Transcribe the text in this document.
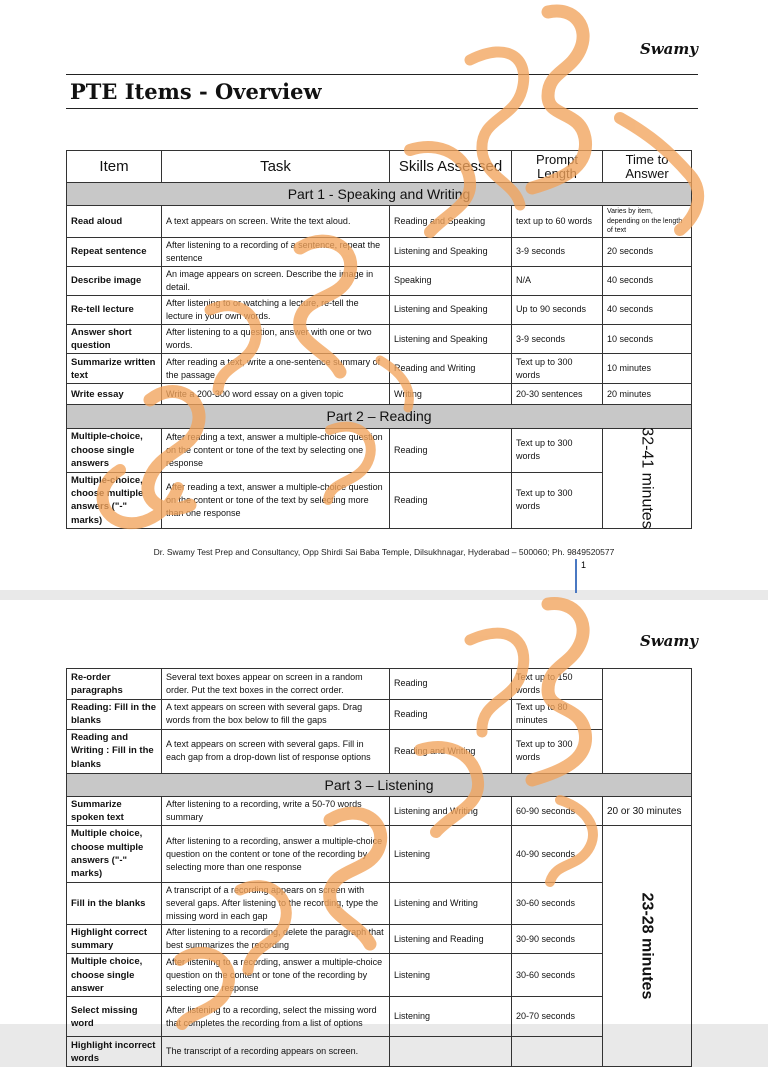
Swamy
PTE Items - Overview
Item	Task	Skills Assessed	Prompt Length	Time to Answer
Part 1 - Speaking and Writing				
Read aloud	A text appears on screen. Write the text aloud.	Reading and Speaking	text up to 60 words	Varies by item, depending on the length of text
Repeat sentence	After listening to a recording of a sentence, repeat the sentence	Listening and Speaking	3-9 seconds	20 seconds
Describe image	An image appears on screen. Describe the image in detail.	Speaking	N/A	40 seconds
Re-tell lecture	After listening to or watching a lecture, re-tell the lecture in your own words.	Listening and Speaking	Up to 90 seconds	40 seconds
Answer short question	After listening to a question, answer with one or two words.	Listening and Speaking	3-9 seconds	10 seconds
Summarize written text	After reading a text, write a one-sentence summary of the passage	Reading and Writing	Text up to 300 words	10 minutes
Write essay	Write a 200-300 word essay on a given topic	Writing	20-30 sentences	20 minutes
Part 2 – Reading				
Multiple-choice, choose single answers	After reading a text, answer a multiple-choice question on the content or tone of the text by selecting one response	Reading	Text up to 300 words	32-41 minutes

Multiple-choice, choose multiple answers ("-" marks)	After reading a text, answer a multiple-choice question on the content or tone of the text by selecting more than one response	Reading	Text up to 300 words	
Dr. Swamy Test Prep and Consultancy, Opp Shirdi Sai Baba Temple, Dilsukhnagar, Hyderabad – 500060; Ph. 9849520577
1
Swamy
Re-order paragraphs	Several text boxes appear on screen in a random order. Put the text boxes in the correct order.	Reading	Text up to 150 words	
Reading: Fill in the blanks	A text appears on screen with several gaps. Drag words from the box below to fill the gaps	Reading	Text up to 80 minutes	
Reading and Writing : Fill in the blanks	A text appears on screen with several gaps. Fill in each gap from a drop-down list of response options	Reading and Writing	Text up to 300 words	
Part 3 – Listening				
Summarize spoken text	After listening to a recording, write a 50-70 words summary	Listening and Writing	60-90 seconds	20 or 30 minutes
Multiple choice, choose multiple answers ("-" marks)	After listening to a recording, answer a multiple-choice question on the content or tone of the recording by selecting more than one response	Listening	40-90 seconds	23-28 minutes

Fill in the blanks	A transcript of a recording appears on screen with several gaps. After listening to the recording, type the missing word in each gap	Listening and Writing	30-60 seconds	
Highlight correct summary	After listening to a recording, delete the paragraph that best summarizes the recording	Listening and Reading	30-90 seconds	
Multiple choice, choose single answer	After listening to a recording, answer a multiple-choice question on the content or tone of the recording by selecting one response	Listening	30-60 seconds	
Select missing word	After listening to a recording, select the missing word that completes the recording from a list of options	Listening	20-70 seconds	
Highlight incorrect words	The transcript of a recording appears on screen.			
